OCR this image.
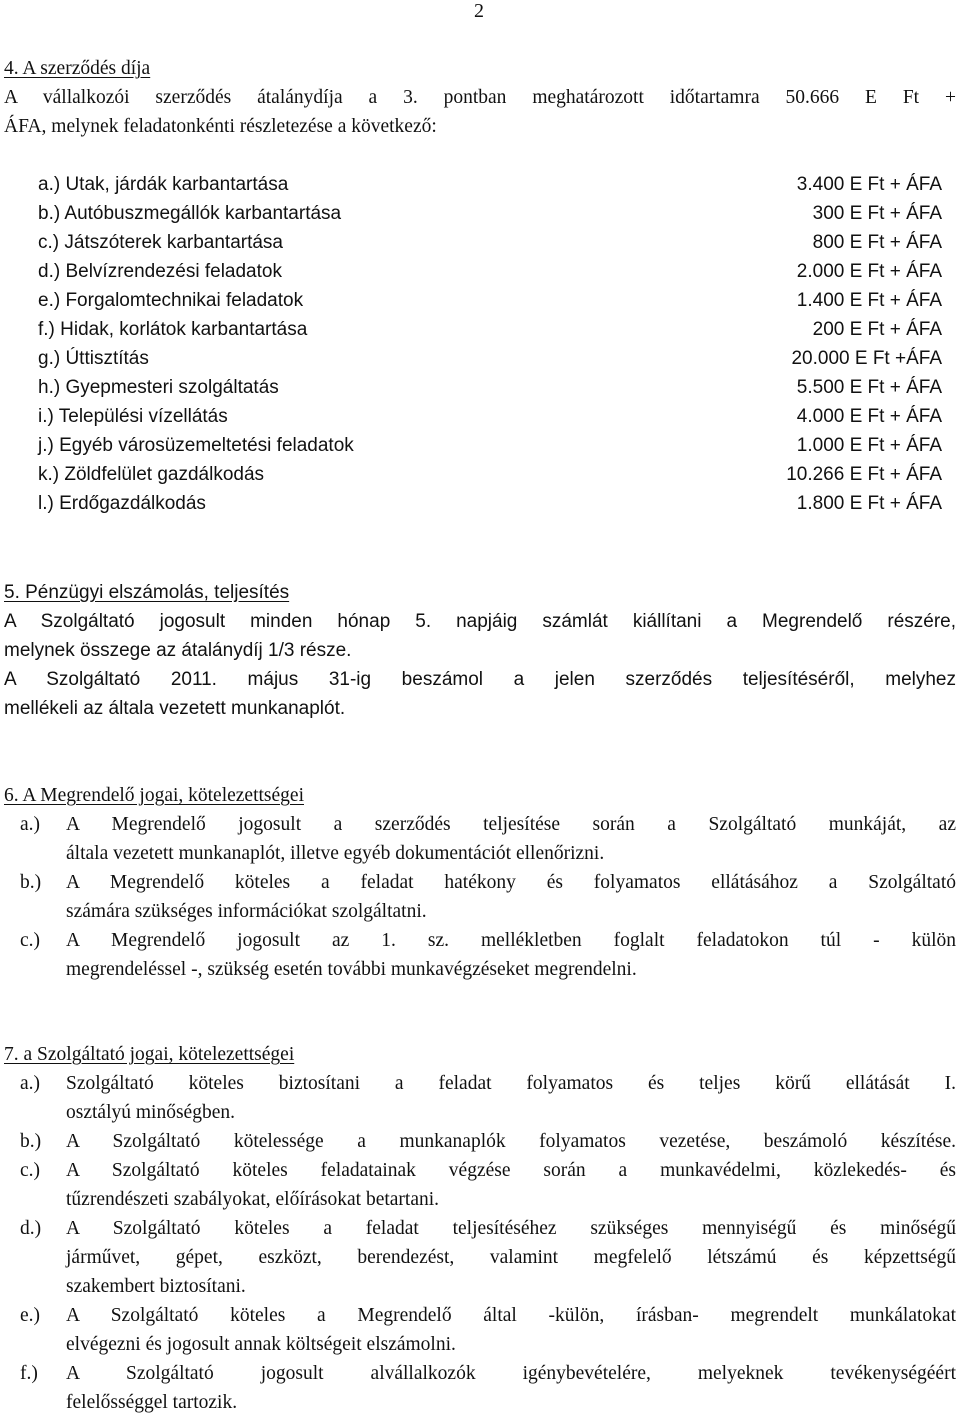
2
4. A szerződés díja
A vállalkozói szerződés átalánydíja a 3. pontban meghatározott időtartamra 50.666 E Ft +
ÁFA, melynek feladatonkénti részletezése a következő:
a.) Utak, járdák karbantartása	3.400 E Ft + ÁFA
b.) Autóbuszmegállók karbantartása	300 E Ft + ÁFA
c.) Játszóterek karbantartása	800 E Ft + ÁFA
d.) Belvízrendezési feladatok	2.000 E Ft + ÁFA
e.) Forgalomtechnikai feladatok	1.400 E Ft + ÁFA
f.) Hidak, korlátok karbantartása	200 E Ft + ÁFA
g.) Úttisztítás	20.000 E Ft +ÁFA
h.) Gyepmesteri szolgáltatás	5.500 E Ft + ÁFA
i.) Települési vízellátás	4.000 E Ft + ÁFA
j.) Egyéb városüzemeltetési feladatok	1.000 E Ft + ÁFA
k.) Zöldfelület gazdálkodás	10.266 E Ft + ÁFA
l.) Erdőgazdálkodás	1.800 E Ft + ÁFA
5. Pénzügyi elszámolás, teljesítés
A Szolgáltató jogosult minden hónap 5. napjáig számlát kiállítani a Megrendelő részére,
melynek összege az átalánydíj 1/3 része.
A Szolgáltató 2011. május 31-ig beszámol a jelen szerződés teljesítéséről, melyhez
mellékeli az általa vezetett munkanaplót.
6. A Megrendelő jogai, kötelezettségei
a.) A Megrendelő jogosult a szerződés teljesítése során a Szolgáltató munkáját, az
általa vezetett munkanaplót, illetve egyéb dokumentációt ellenőrizni.
b.) A Megrendelő köteles a feladat hatékony és folyamatos ellátásához a Szolgáltató
számára szükséges információkat szolgáltatni.
c.) A Megrendelő jogosult az 1. sz. mellékletben foglalt feladatokon túl - külön
megrendeléssel -, szükség esetén további munkavégzéseket megrendelni.
7. a Szolgáltató jogai, kötelezettségei
a.) Szolgáltató köteles biztosítani a feladat folyamatos és teljes körű ellátását I.
osztályú minőségben.
b.) A Szolgáltató kötelessége a munkanaplók folyamatos vezetése, beszámoló készítése.
c.) A Szolgáltató köteles feladatainak végzése során a munkavédelmi, közlekedés- és
tűzrendészeti szabályokat, előírásokat betartani.
d.) A Szolgáltató köteles a feladat teljesítéséhez szükséges mennyiségű és minőségű
járművet, gépet, eszközt, berendezést, valamint megfelelő létszámú és képzettségű
szakembert biztosítani.
e.) A Szolgáltató köteles a Megrendelő által -külön, írásban- megrendelt munkálatokat
elvégezni és jogosult annak költségeit elszámolni.
f.) A Szolgáltató jogosult alvállalkozók igénybevételére, melyeknek tevékenységéért
felelősséggel tartozik.
